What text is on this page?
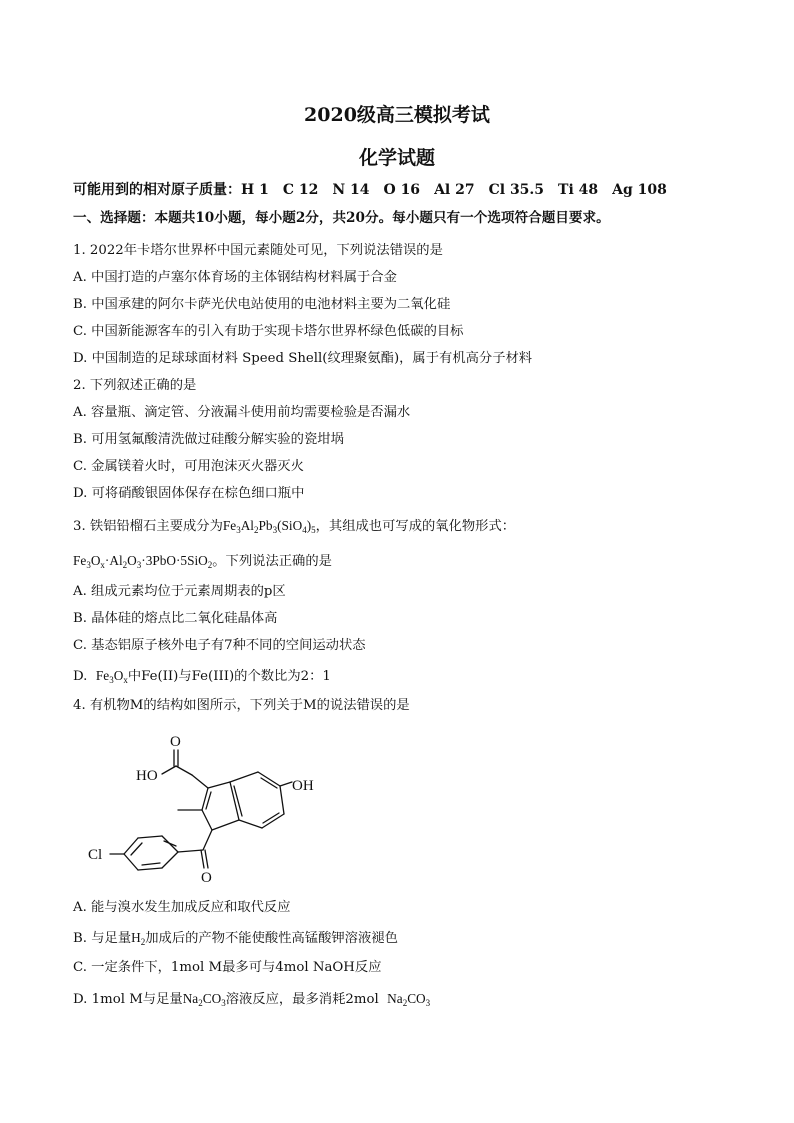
2020级高三模拟考试
化学试题
可能用到的相对原子质量：H 1 C 12 N 14 O 16 Al 27 Cl 35.5 Ti 48 Ag 108
一、选择题：本题共10小题，每小题2分，共20分。每小题只有一个选项符合题目要求。
1. 2022年卡塔尔世界杯中国元素随处可见，下列说法错误的是
A. 中国打造的卢塞尔体育场的主体钢结构材料属于合金
B. 中国承建的阿尔卡萨光伏电站使用的电池材料主要为二氧化硅
C. 中国新能源客车的引入有助于实现卡塔尔世界杯绿色低碳的目标
D. 中国制造的足球球面材料 Speed Shell(纹理聚氨酯)，属于有机高分子材料
2. 下列叙述正确的是
A. 容量瓶、滴定管、分液漏斗使用前均需要检验是否漏水
B. 可用氢氟酸清洗做过硅酸分解实验的瓷坩埚
C. 金属镁着火时，可用泡沫灭火器灭火
D. 可将硝酸银固体保存在棕色细口瓶中
3. 铁铝铅榴石主要成分为$Fe_3Al_2Pb_3(SiO_4)_5$，其组成也可写成的氧化物形式：
$Fe_3O_x\cdot Al_2O_3\cdot 3PbO\cdot 5SiO_2$。下列说法正确的是
A. 组成元素均位于元素周期表的p区
B. 晶体硅的熔点比二氧化硅晶体高
C. 基态铝原子核外电子有7种不同的空间运动状态
D. $Fe_3O_x$中Fe(II)与Fe(III)的个数比为2：1
4. 有机物M的结构如图所示，下列关于M的说法错误的是
O
HO
OH
Cl
O
A. 能与溴水发生加成反应和取代反应
B. 与足量$H_2$加成后的产物不能使酸性高锰酸钾溶液褪色
C. 一定条件下，1mol M最多可与4mol NaOH反应
D. 1mol M与足量$Na_2CO_3$溶液反应，最多消耗2mol $Na_2CO_3$
